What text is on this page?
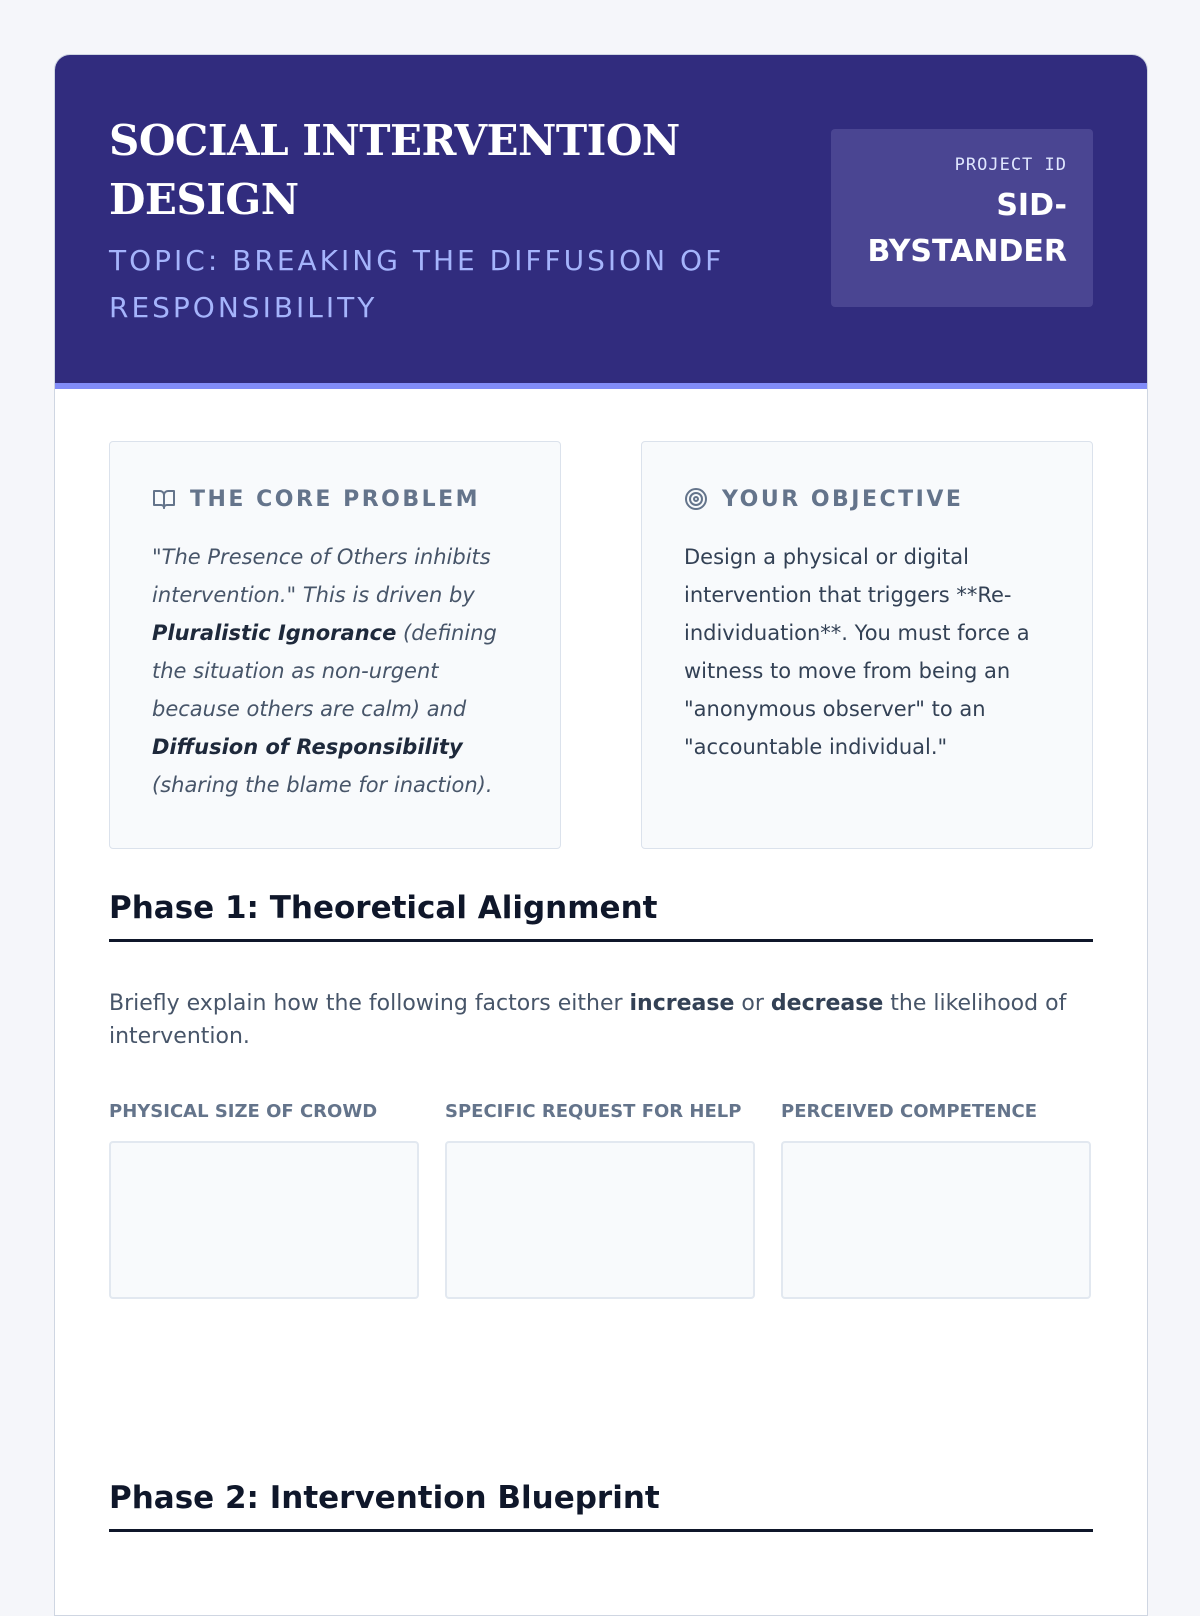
SOCIAL INTERVENTION DESIGN

TOPIC: BREAKING THE DIFFUSION OF RESPONSIBILITY

PROJECT ID
SID-BYSTANDER
THE CORE PROBLEM
"The Presence of Others inhibits intervention." This is driven by Pluralistic Ignorance (defining the situation as non-urgent because others are calm) and Diffusion of Responsibility (sharing the blame for inaction).
YOUR OBJECTIVE
Design a physical or digital intervention that triggers **Re-individuation**. You must force a witness to move from being an "anonymous observer" to an "accountable individual."
Phase 1: Theoretical Alignment

Briefly explain how the following factors either increase or decrease the likelihood of intervention.

PHYSICAL SIZE OF CROWD	SPECIFIC REQUEST FOR HELP	PERCEIVED COMPETENCE
Phase 2: Intervention Blueprint
